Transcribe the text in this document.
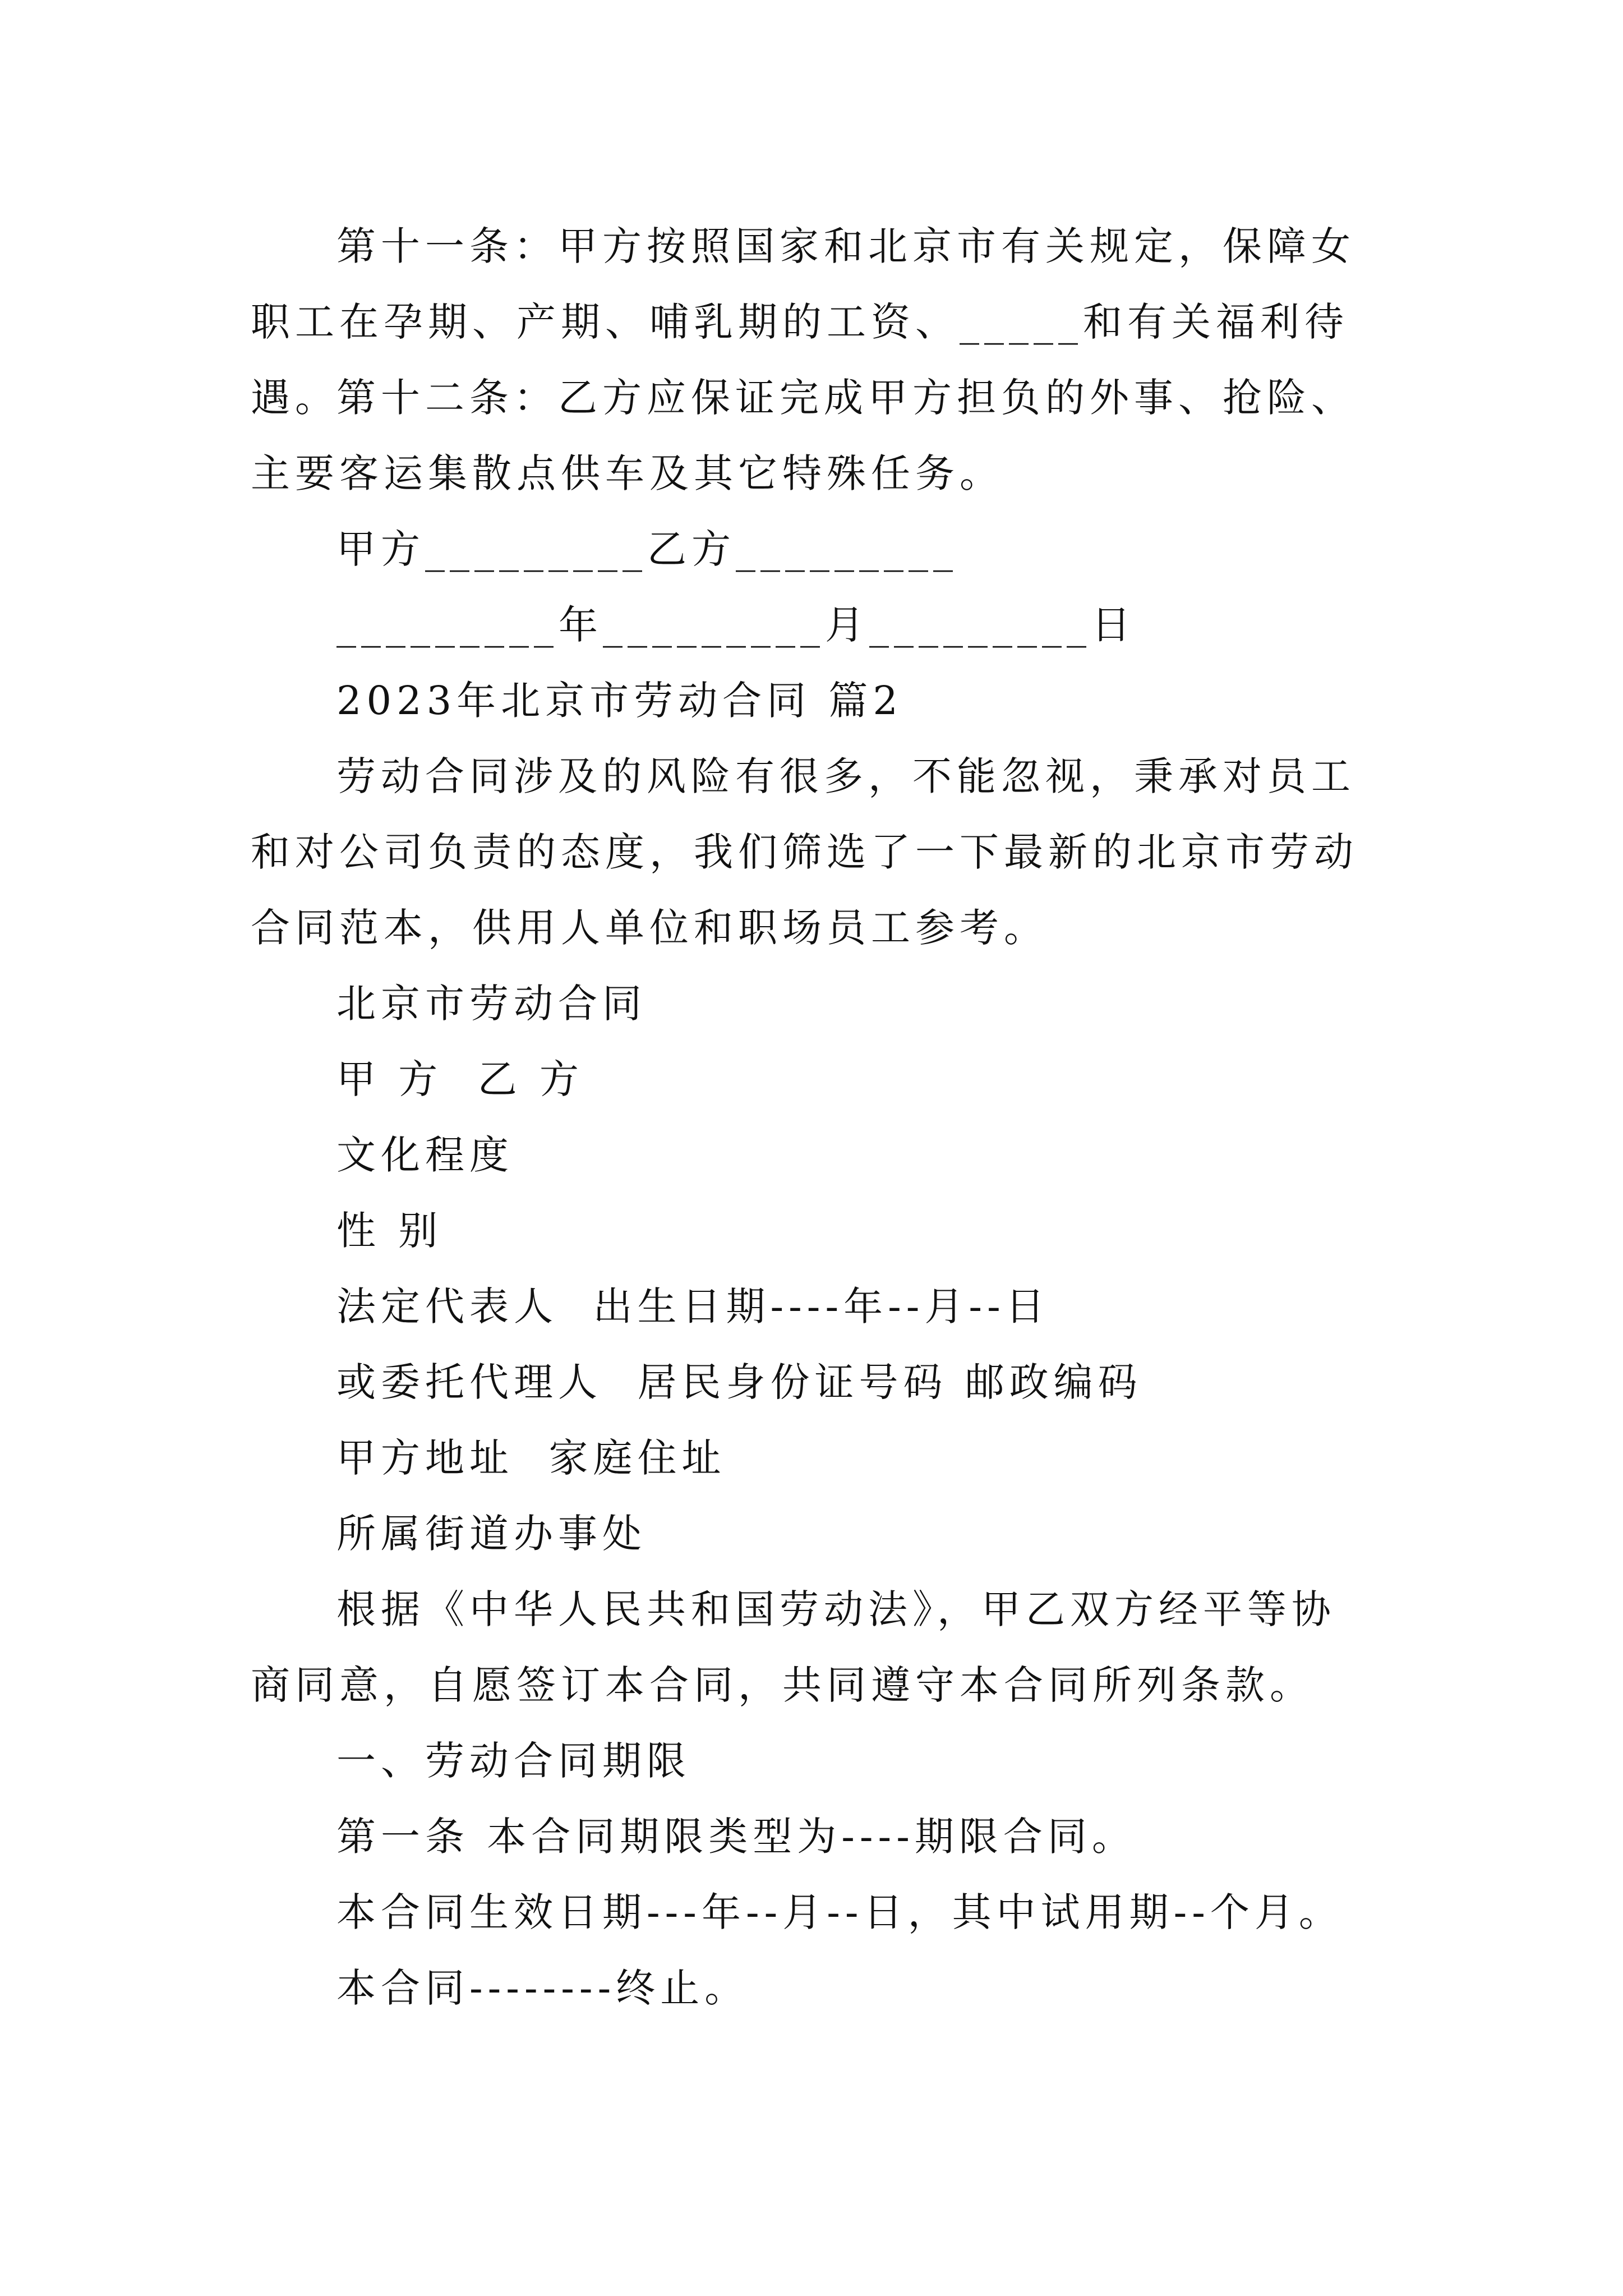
第十一条：甲方按照国家和北京市有关规定，保障女职工在孕期、产期、哺乳期的工资、_____和有关福利待遇。

第十二条：乙方应保证完成甲方担负的外事、抢险、主要客运集散点供车及其它特殊任务。

甲方_________乙方_________

_________年_________月_________日

2023年北京市劳动合同 篇2

劳动合同涉及的风险有很多，不能忽视，秉承对员工和对公司负责的态度，我们筛选了一下最新的北京市劳动合同范本，供用人单位和职场员工参考。

北京市劳动合同

甲 方  乙 方

文化程度

性 别

法定代表人  出生日期----年--月--日

或委托代理人  居民身份证号码 邮政编码

甲方地址  家庭住址

所属街道办事处

根据《中华人民共和国劳动法》，甲乙双方经平等协商同意，自愿签订本合同，共同遵守本合同所列条款。

一、劳动合同期限

第一条 本合同期限类型为----期限合同。

本合同生效日期---年--月--日，其中试用期--个月。

本合同--------终止。
